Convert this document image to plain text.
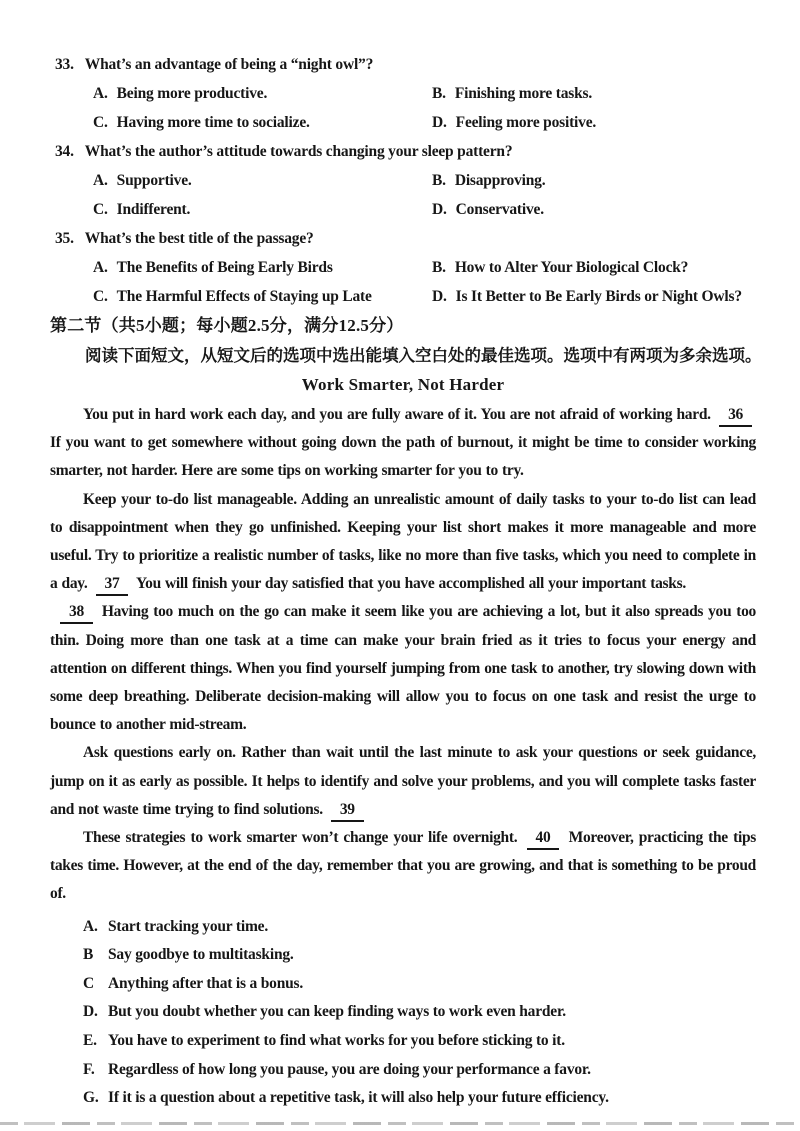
33. What’s an advantage of being a “night owl”?
A. Being more productive.	B. Finishing more tasks.
C. Having more time to socialize.	D. Feeling more positive.
34. What’s the author’s attitude towards changing your sleep pattern?
A. Supportive.	B. Disapproving.
C. Indifferent.	D. Conservative.
35. What’s the best title of the passage?
A. The Benefits of Being Early Birds	B. How to Alter Your Biological Clock?
C. The Harmful Effects of Staying up Late	D. Is It Better to Be Early Birds or Night Owls?
第二节（共5小题；每小题2.5分，满分12.5分）
阅读下面短文，从短文后的选项中选出能填入空白处的最佳选项。选项中有两项为多余选项。
Work Smarter, Not Harder

You put in hard work each day, and you are fully aware of it. You are not afraid of working hard. 36 If you want to get somewhere without going down the path of burnout, it might be time to consider working smarter, not harder. Here are some tips on working smarter for you to try.

Keep your to-do list manageable. Adding an unrealistic amount of daily tasks to your to-do list can lead to disappointment when they go unfinished. Keeping your list short makes it more manageable and more useful. Try to prioritize a realistic number of tasks, like no more than five tasks, which you need to complete in a day. 37 You will finish your day satisfied that you have accomplished all your important tasks.

38 Having too much on the go can make it seem like you are achieving a lot, but it also spreads you too thin. Doing more than one task at a time can make your brain fried as it tries to focus your energy and attention on different things. When you find yourself jumping from one task to another, try slowing down with some deep breathing. Deliberate decision-making will allow you to focus on one task and resist the urge to bounce to another mid-stream.

Ask questions early on. Rather than wait until the last minute to ask your questions or seek guidance, jump on it as early as possible. It helps to identify and solve your problems, and you will complete tasks faster and not waste time trying to find solutions. 39

These strategies to work smarter won’t change your life overnight. 40 Moreover, practicing the tips takes time. However, at the end of the day, remember that you are growing, and that is something to be proud of.

A. Start tracking your time.
B Say goodbye to multitasking.
C Anything after that is a bonus.
D. But you doubt whether you can keep finding ways to work even harder.
E. You have to experiment to find what works for you before sticking to it.
F. Regardless of how long you pause, you are doing your performance a favor.
G. If it is a question about a repetitive task, it will also help your future efficiency.
